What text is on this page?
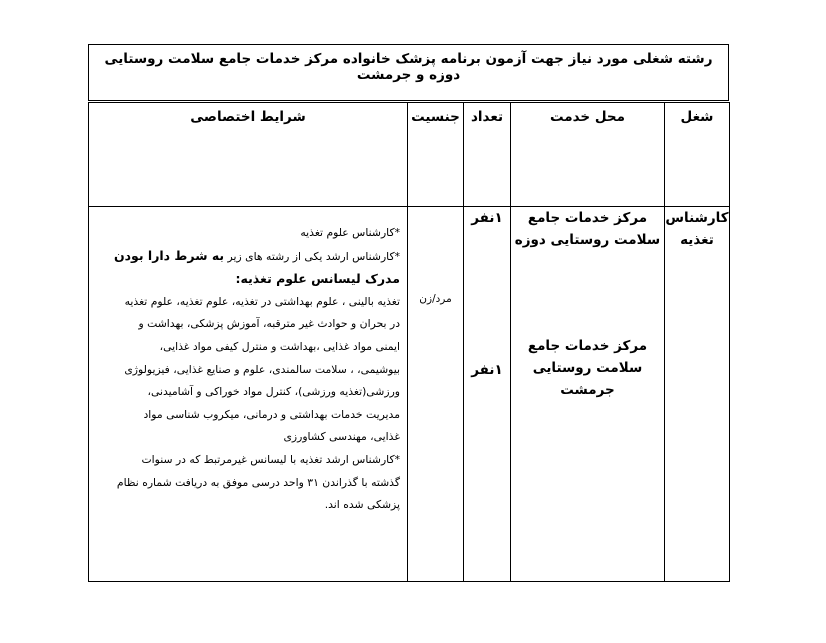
رشته شغلی مورد نیاز جهت آزمون برنامه پزشک خانواده مرکز خدمات جامع سلامت روستایی دوزه و جرمشت
شغل
محل خدمت
تعداد
جنسیت
شرایط اختصاصی
کارشناس
تغذیه
مرکز خدمات جامع
سلامت روستایی دوزه
مرکز خدمات جامع
سلامت روستایی جرمشت
۱نفر
۱نفر
مرد/زن
*کارشناس علوم تغذیه
*کارشناس ارشد یکی از رشته های زیر به شرط دارا بودن
مدرک لیسانس علوم تغذیه:
تغذیه بالینی ، علوم بهداشتی در تغذیه، علوم تغذیه، علوم تغذیه
در بحران و حوادث غیر مترقبه، آموزش پزشکی، بهداشت و
ایمنی مواد غذایی ،بهداشت و منترل کیفی مواد غذایی،
بیوشیمی، ، سلامت سالمندی، علوم و صنایع غذایی، فیزیولوژی
ورزشی(تغذیه ورزشی)، کنترل مواد خوراکی و آشامیدنی،
مدیریت خدمات بهداشتی و درمانی، میکروب شناسی مواد
غذایی، مهندسی کشاورزی
*کارشناس ارشد تغذیه با لیسانس غیرمرتبط که در سنوات
گذشته با گذراندن ۳۱ واحد درسی موفق به دریافت شماره نظام
پزشکی شده اند.
